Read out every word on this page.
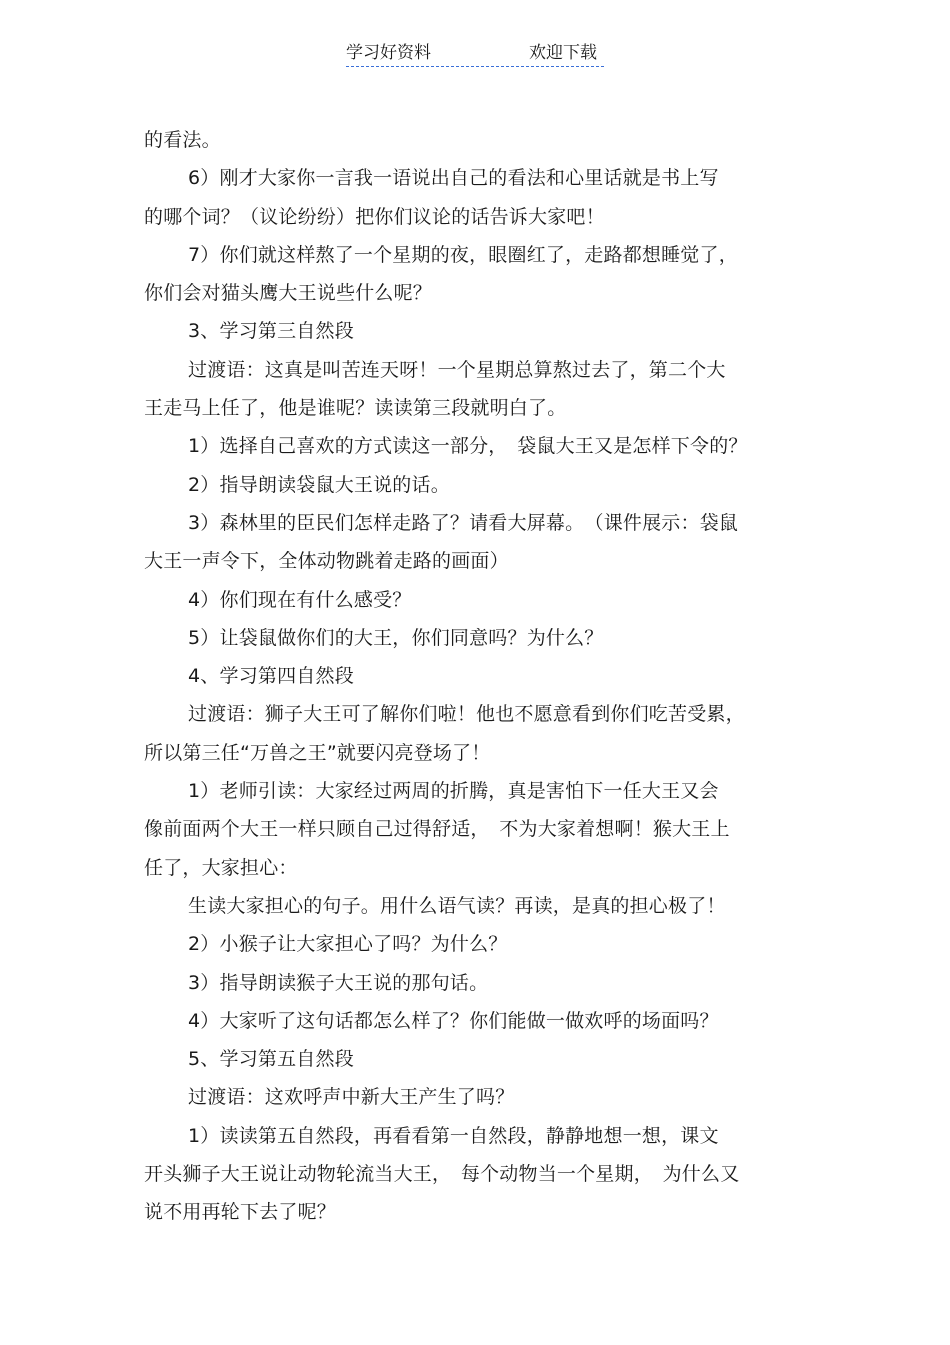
学习好资料	欢迎下载
的看法。
6）刚才大家你一言我一语说出自己的看法和心里话就是书上写
的哪个词？（议论纷纷）把你们议论的话告诉大家吧！
7）你们就这样熬了一个星期的夜，眼圈红了，走路都想睡觉了，
你们会对猫头鹰大王说些什么呢？
3、学习第三自然段
过渡语：这真是叫苦连天呀！一个星期总算熬过去了，第二个大
王走马上任了，他是谁呢？读读第三段就明白了。
1）选择自己喜欢的方式读这一部分，　袋鼠大王又是怎样下令的？
2）指导朗读袋鼠大王说的话。
3）森林里的臣民们怎样走路了？请看大屏幕。　（课件展示：袋鼠
大王一声令下，全体动物跳着走路的画面）
4）你们现在有什么感受？
5）让袋鼠做你们的大王，你们同意吗？为什么？
4、学习第四自然段
过渡语：狮子大王可了解你们啦！他也不愿意看到你们吃苦受累，
所以第三任“万兽之王”就要闪亮登场了！
1）老师引读：大家经过两周的折腾，真是害怕下一任大王又会
像前面两个大王一样只顾自己过得舒适，　不为大家着想啊！猴大王上
任了，大家担心：
生读大家担心的句子。用什么语气读？再读，是真的担心极了！
2）小猴子让大家担心了吗？为什么？
3）指导朗读猴子大王说的那句话。
4）大家听了这句话都怎么样了？你们能做一做欢呼的场面吗？
5、学习第五自然段
过渡语：这欢呼声中新大王产生了吗？
1）读读第五自然段，再看看第一自然段，静静地想一想，课文
开头狮子大王说让动物轮流当大王，　每个动物当一个星期，　为什么又
说不用再轮下去了呢？
